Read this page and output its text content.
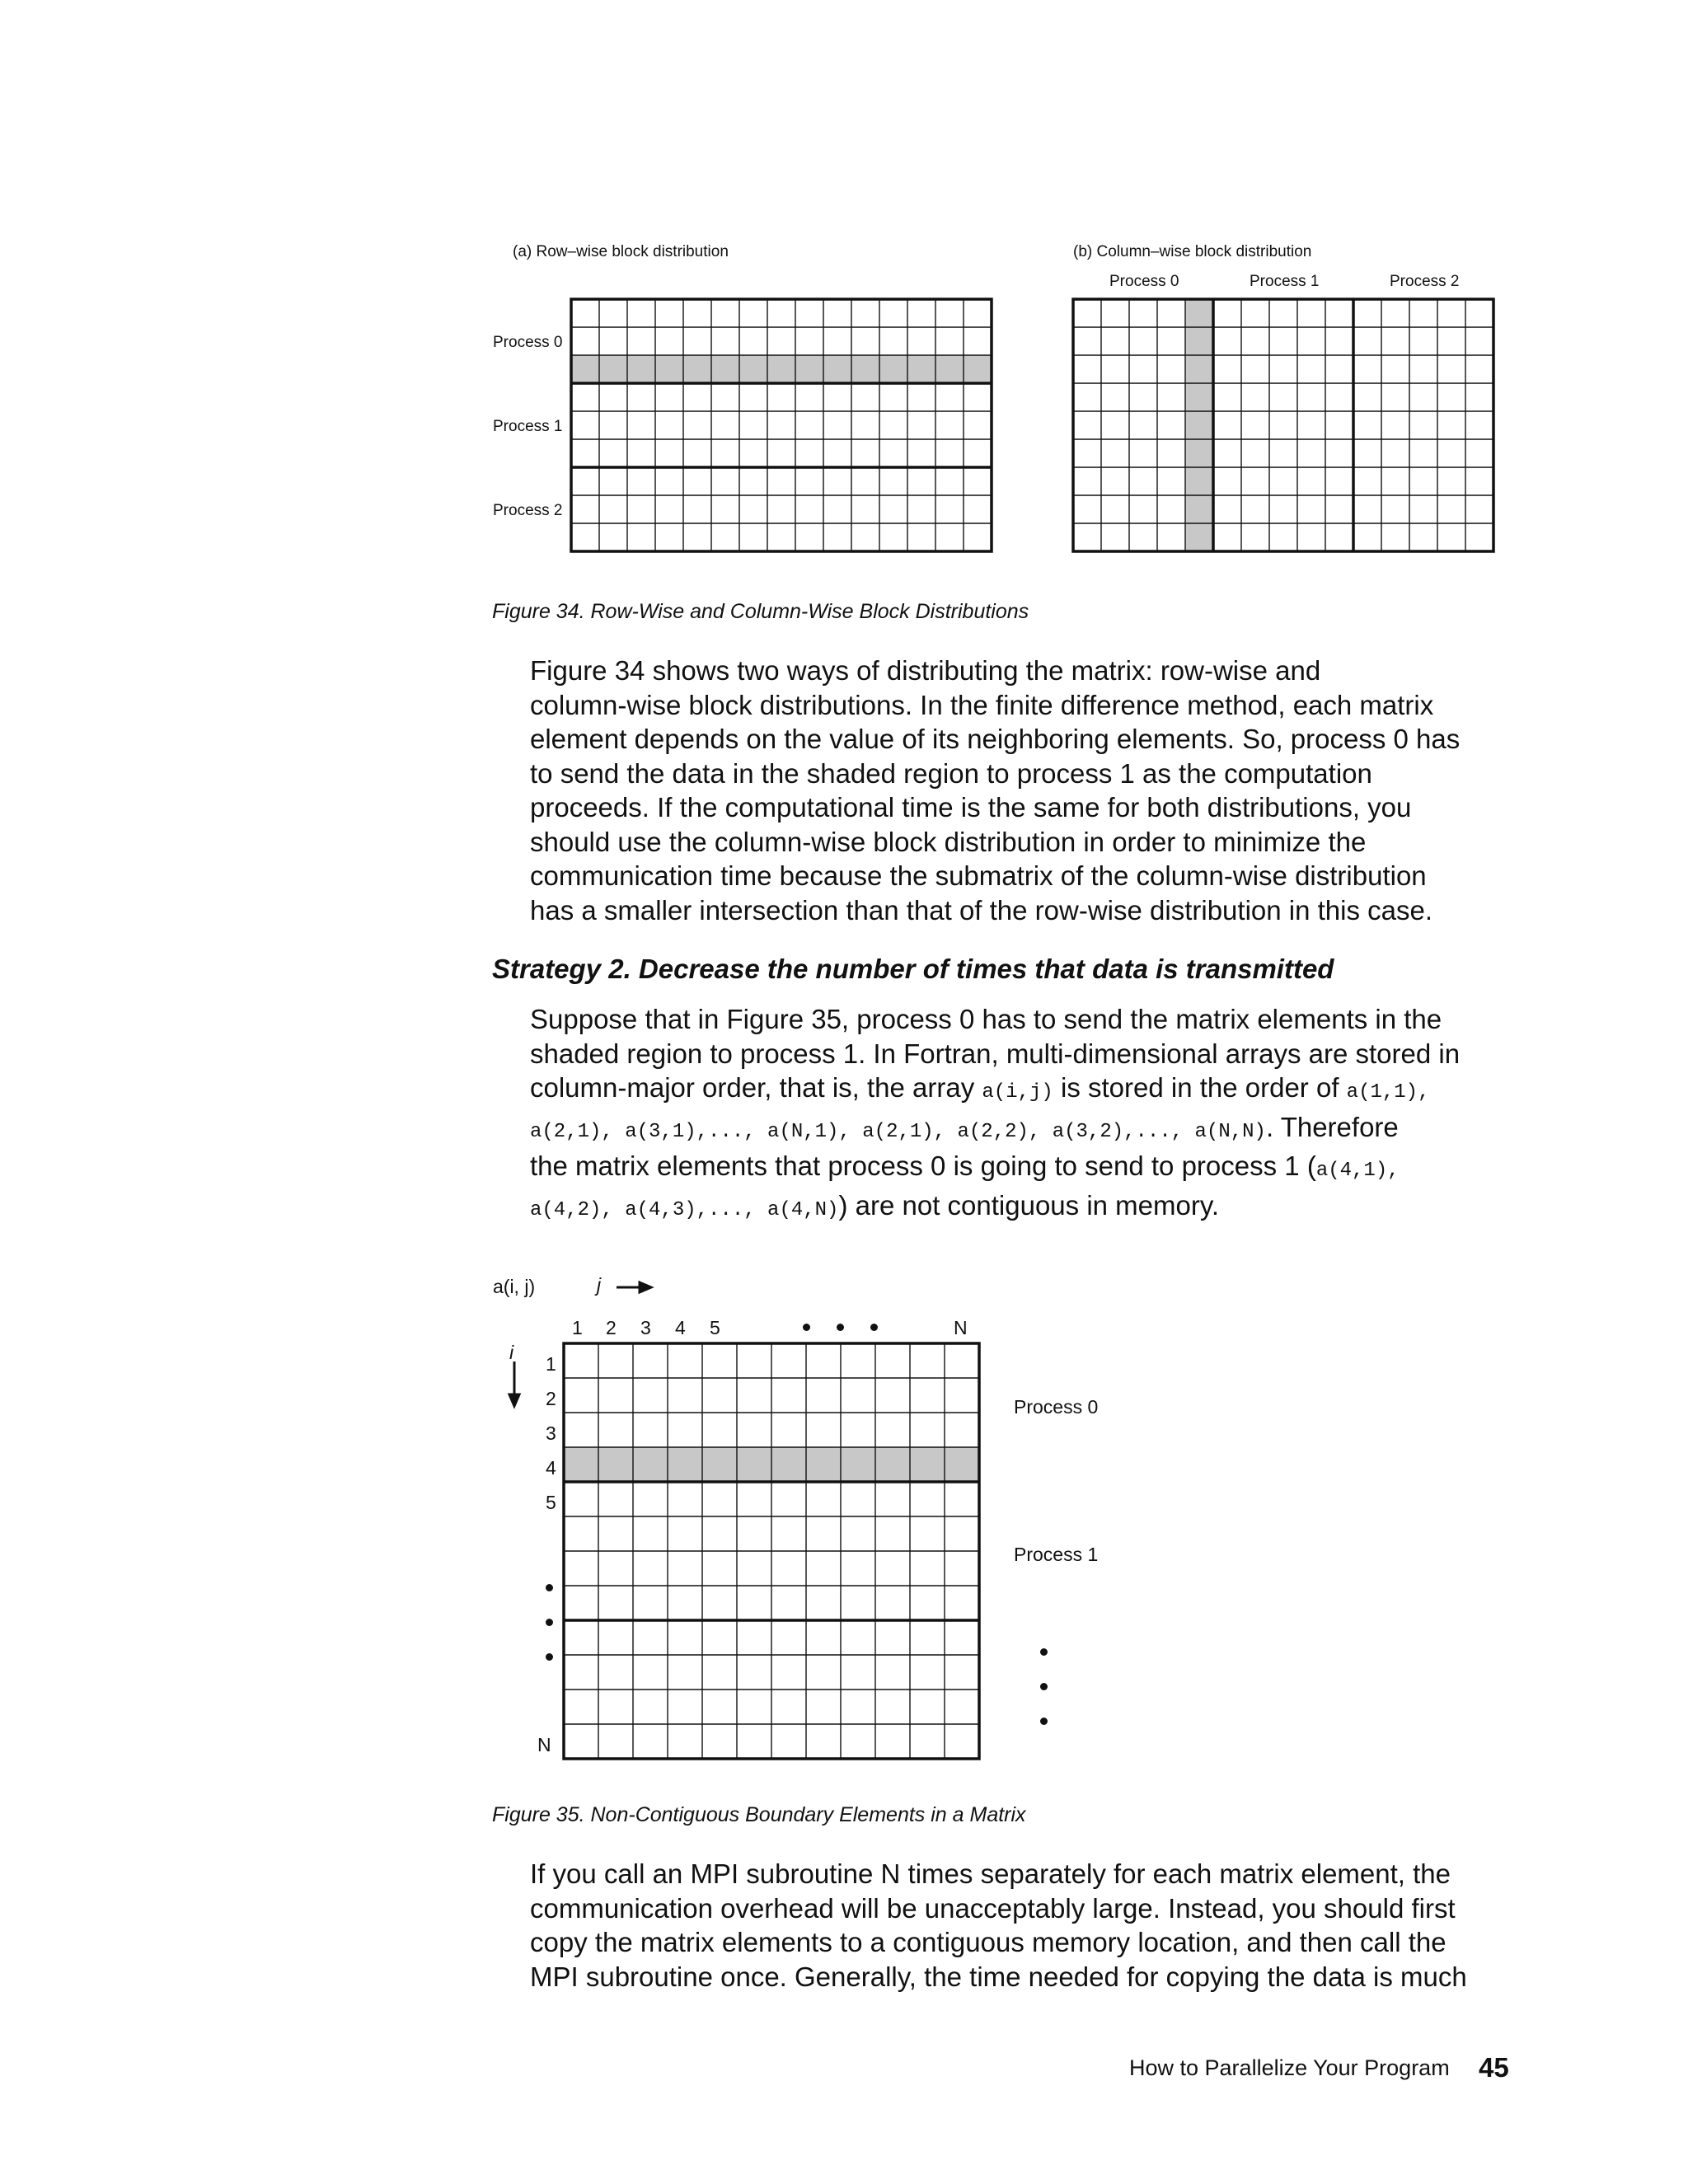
(a) Row–wise block distribution	(b) Column–wise block distribution
Process 0
Process 1
Process 2
Process 0	Process 1	Process 2
Figure 34. Row-Wise and Column-Wise Block Distributions

Figure 34 shows two ways of distributing the matrix: row-wise and

column-wise block distributions. In the finite difference method, each matrix

element depends on the value of its neighboring elements. So, process 0 has

to send the data in the shaded region to process 1 as the computation

proceeds. If the computational time is the same for both distributions, you

should use the column-wise block distribution in order to minimize the

communication time because the submatrix of the column-wise distribution

has a smaller intersection than that of the row-wise distribution in this case.

Strategy 2. Decrease the number of times that data is transmitted

Suppose that in Figure 35, process 0 has to send the matrix elements in the

shaded region to process 1. In Fortran, multi-dimensional arrays are stored in

column-major order, that is, the array a(i,j) is stored in the order of a(1,1),

a(2,1), a(3,1),..., a(N,1), a(2,1), a(2,2), a(3,2),..., a(N,N). Therefore

the matrix elements that process 0 is going to send to process 1 (a(4,1),

a(4,2), a(4,3),..., a(4,N)) are not contiguous in memory.

a(i, j)	j
i
1 2 3 4 5	N
1
2
3
4
5
N
Process 0
Process 1
Figure 35. Non-Contiguous Boundary Elements in a Matrix

If you call an MPI subroutine N times separately for each matrix element, the

communication overhead will be unacceptably large. Instead, you should first

copy the matrix elements to a contiguous memory location, and then call the

MPI subroutine once. Generally, the time needed for copying the data is much

How to Parallelize Your Program 45
